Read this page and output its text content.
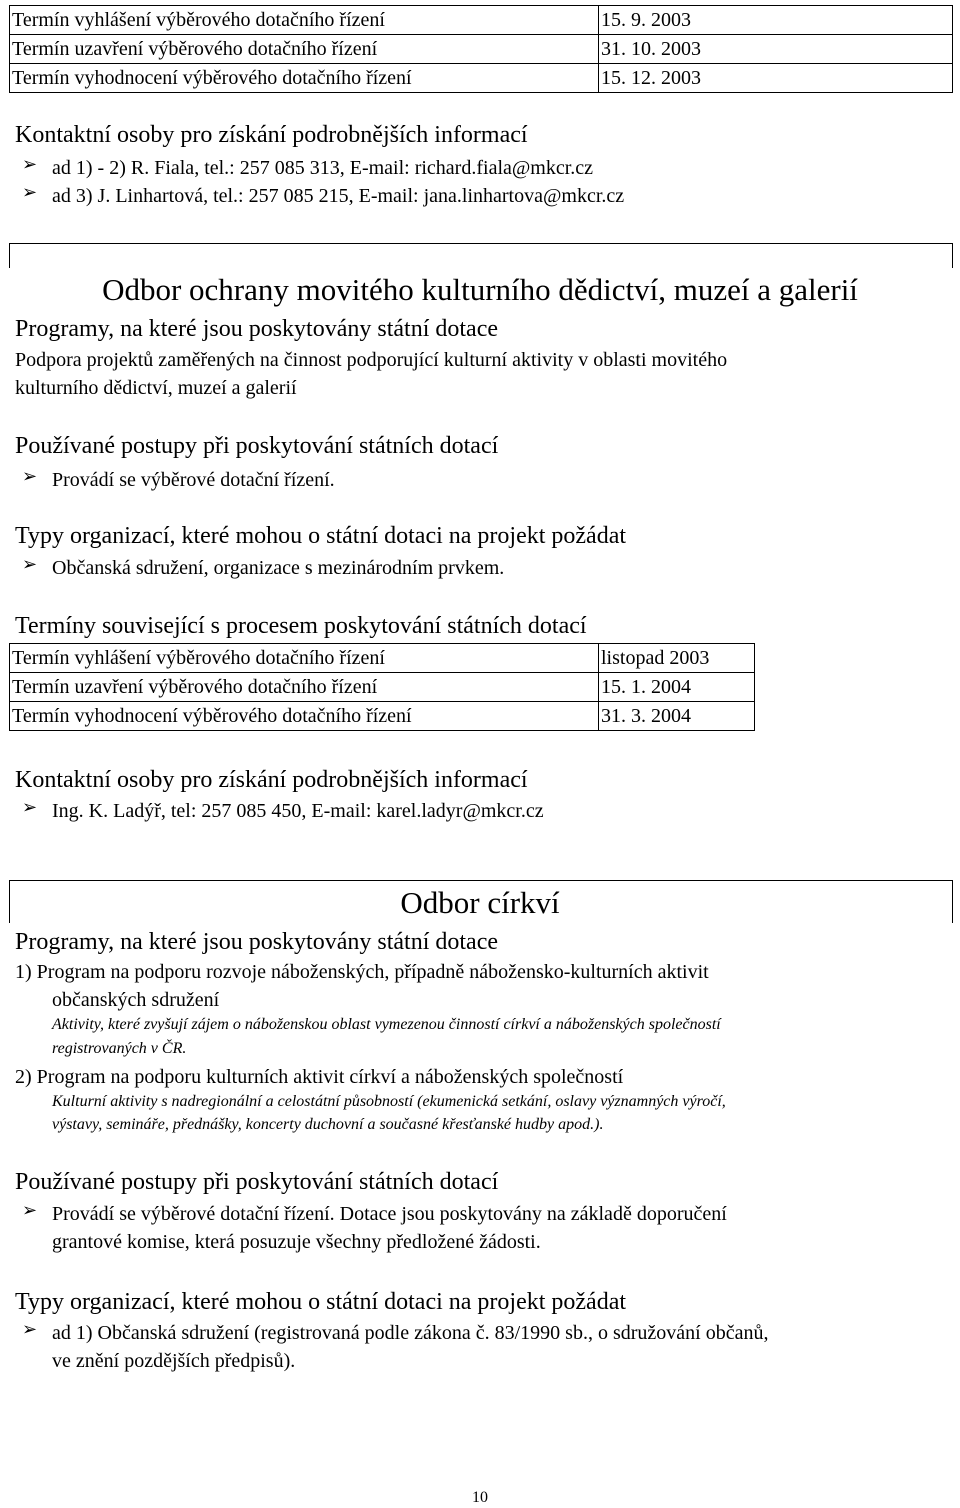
Termín vyhlášení výběrového dotačního řízení	15. 9. 2003
Termín uzavření výběrového dotačního řízení	31. 10. 2003
Termín vyhodnocení výběrového dotačního řízení	15. 12. 2003
Kontaktní osoby pro získání podrobnějších informací
➢ ad 1) - 2) R. Fiala, tel.: 257 085 313, E-mail: richard.fiala@mkcr.cz
➢ ad 3) J. Linhartová, tel.: 257 085 215, E-mail: jana.linhartova@mkcr.cz
Odbor ochrany movitého kulturního dědictví, muzeí a galerií
Programy, na které jsou poskytovány státní dotace
Podpora projektů zaměřených na činnost podporující kulturní aktivity v oblasti movitého
kulturního dědictví, muzeí a galerií
Používané postupy při poskytování státních dotací
➢ Provádí se výběrové dotační řízení.
Typy organizací, které mohou o státní dotaci na projekt požádat
➢ Občanská sdružení, organizace s mezinárodním prvkem.
Termíny související s procesem poskytování státních dotací
Termín vyhlášení výběrového dotačního řízení	listopad 2003
Termín uzavření výběrového dotačního řízení	15. 1. 2004
Termín vyhodnocení výběrového dotačního řízení	31. 3. 2004
Kontaktní osoby pro získání podrobnějších informací
➢ Ing. K. Ladýř, tel: 257 085 450, E-mail: karel.ladyr@mkcr.cz
Odbor církví
Programy, na které jsou poskytovány státní dotace
1) Program na podporu rozvoje náboženských, případně nábožensko-kulturních aktivit
občanských sdružení
Aktivity, které zvyšují zájem o náboženskou oblast vymezenou činností církví a náboženských společností
registrovaných v ČR.
2) Program na podporu kulturních aktivit církví a náboženských společností
Kulturní aktivity s nadregionální a celostátní působností (ekumenická setkání, oslavy významných výročí,
výstavy, semináře, přednášky, koncerty duchovní a současné křesťanské hudby apod.).
Používané postupy při poskytování státních dotací
➢ Provádí se výběrové dotační řízení. Dotace jsou poskytovány na základě doporučení
grantové komise, která posuzuje všechny předložené žádosti.
Typy organizací, které mohou o státní dotaci na projekt požádat
➢ ad 1) Občanská sdružení (registrovaná podle zákona č. 83/1990 sb., o sdružování občanů,
ve znění pozdějších předpisů).
10
